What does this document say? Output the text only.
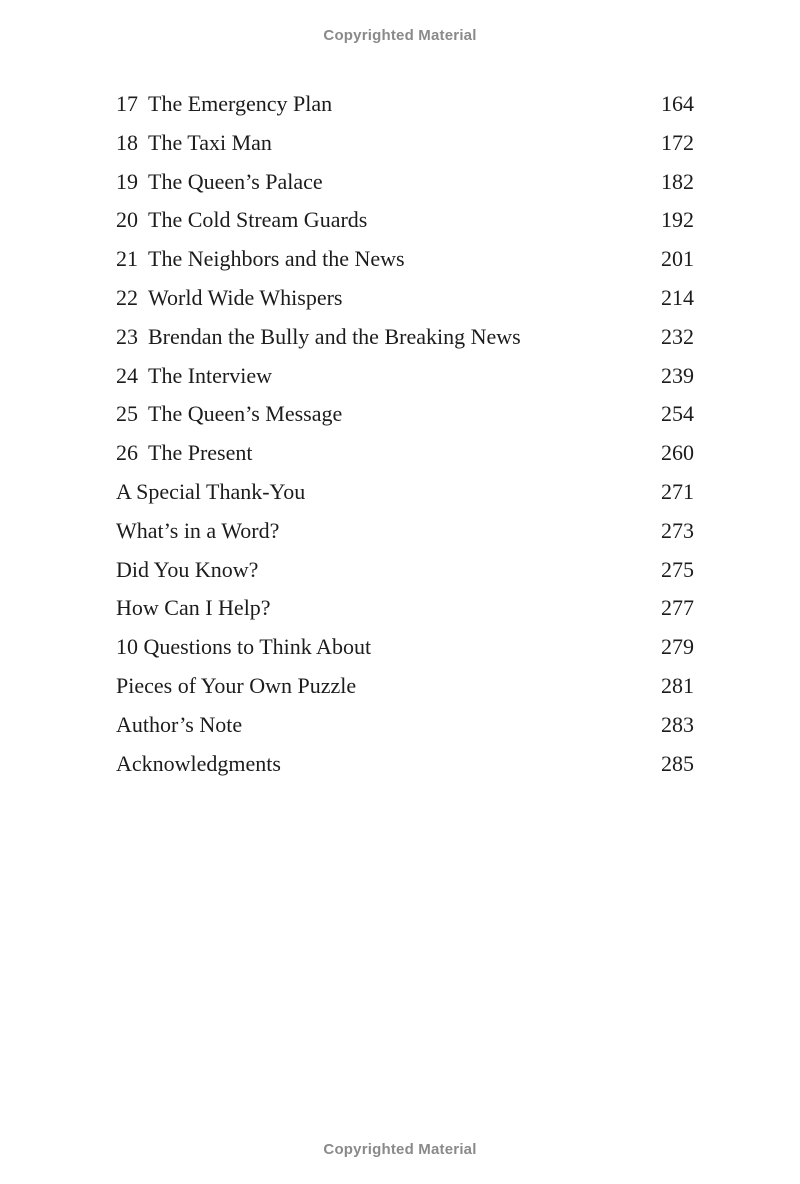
Copyrighted Material
17 The Emergency Plan	164
18 The Taxi Man	172
19 The Queen’s Palace	182
20 The Cold Stream Guards	192
21 The Neighbors and the News	201
22 World Wide Whispers	214
23 Brendan the Bully and the Breaking News	232
24 The Interview	239
25 The Queen’s Message	254
26 The Present	260
A Special Thank-You	271
What’s in a Word?	273
Did You Know?	275
How Can I Help?	277
10 Questions to Think About	279
Pieces of Your Own Puzzle	281
Author’s Note	283
Acknowledgments	285
Copyrighted Material
